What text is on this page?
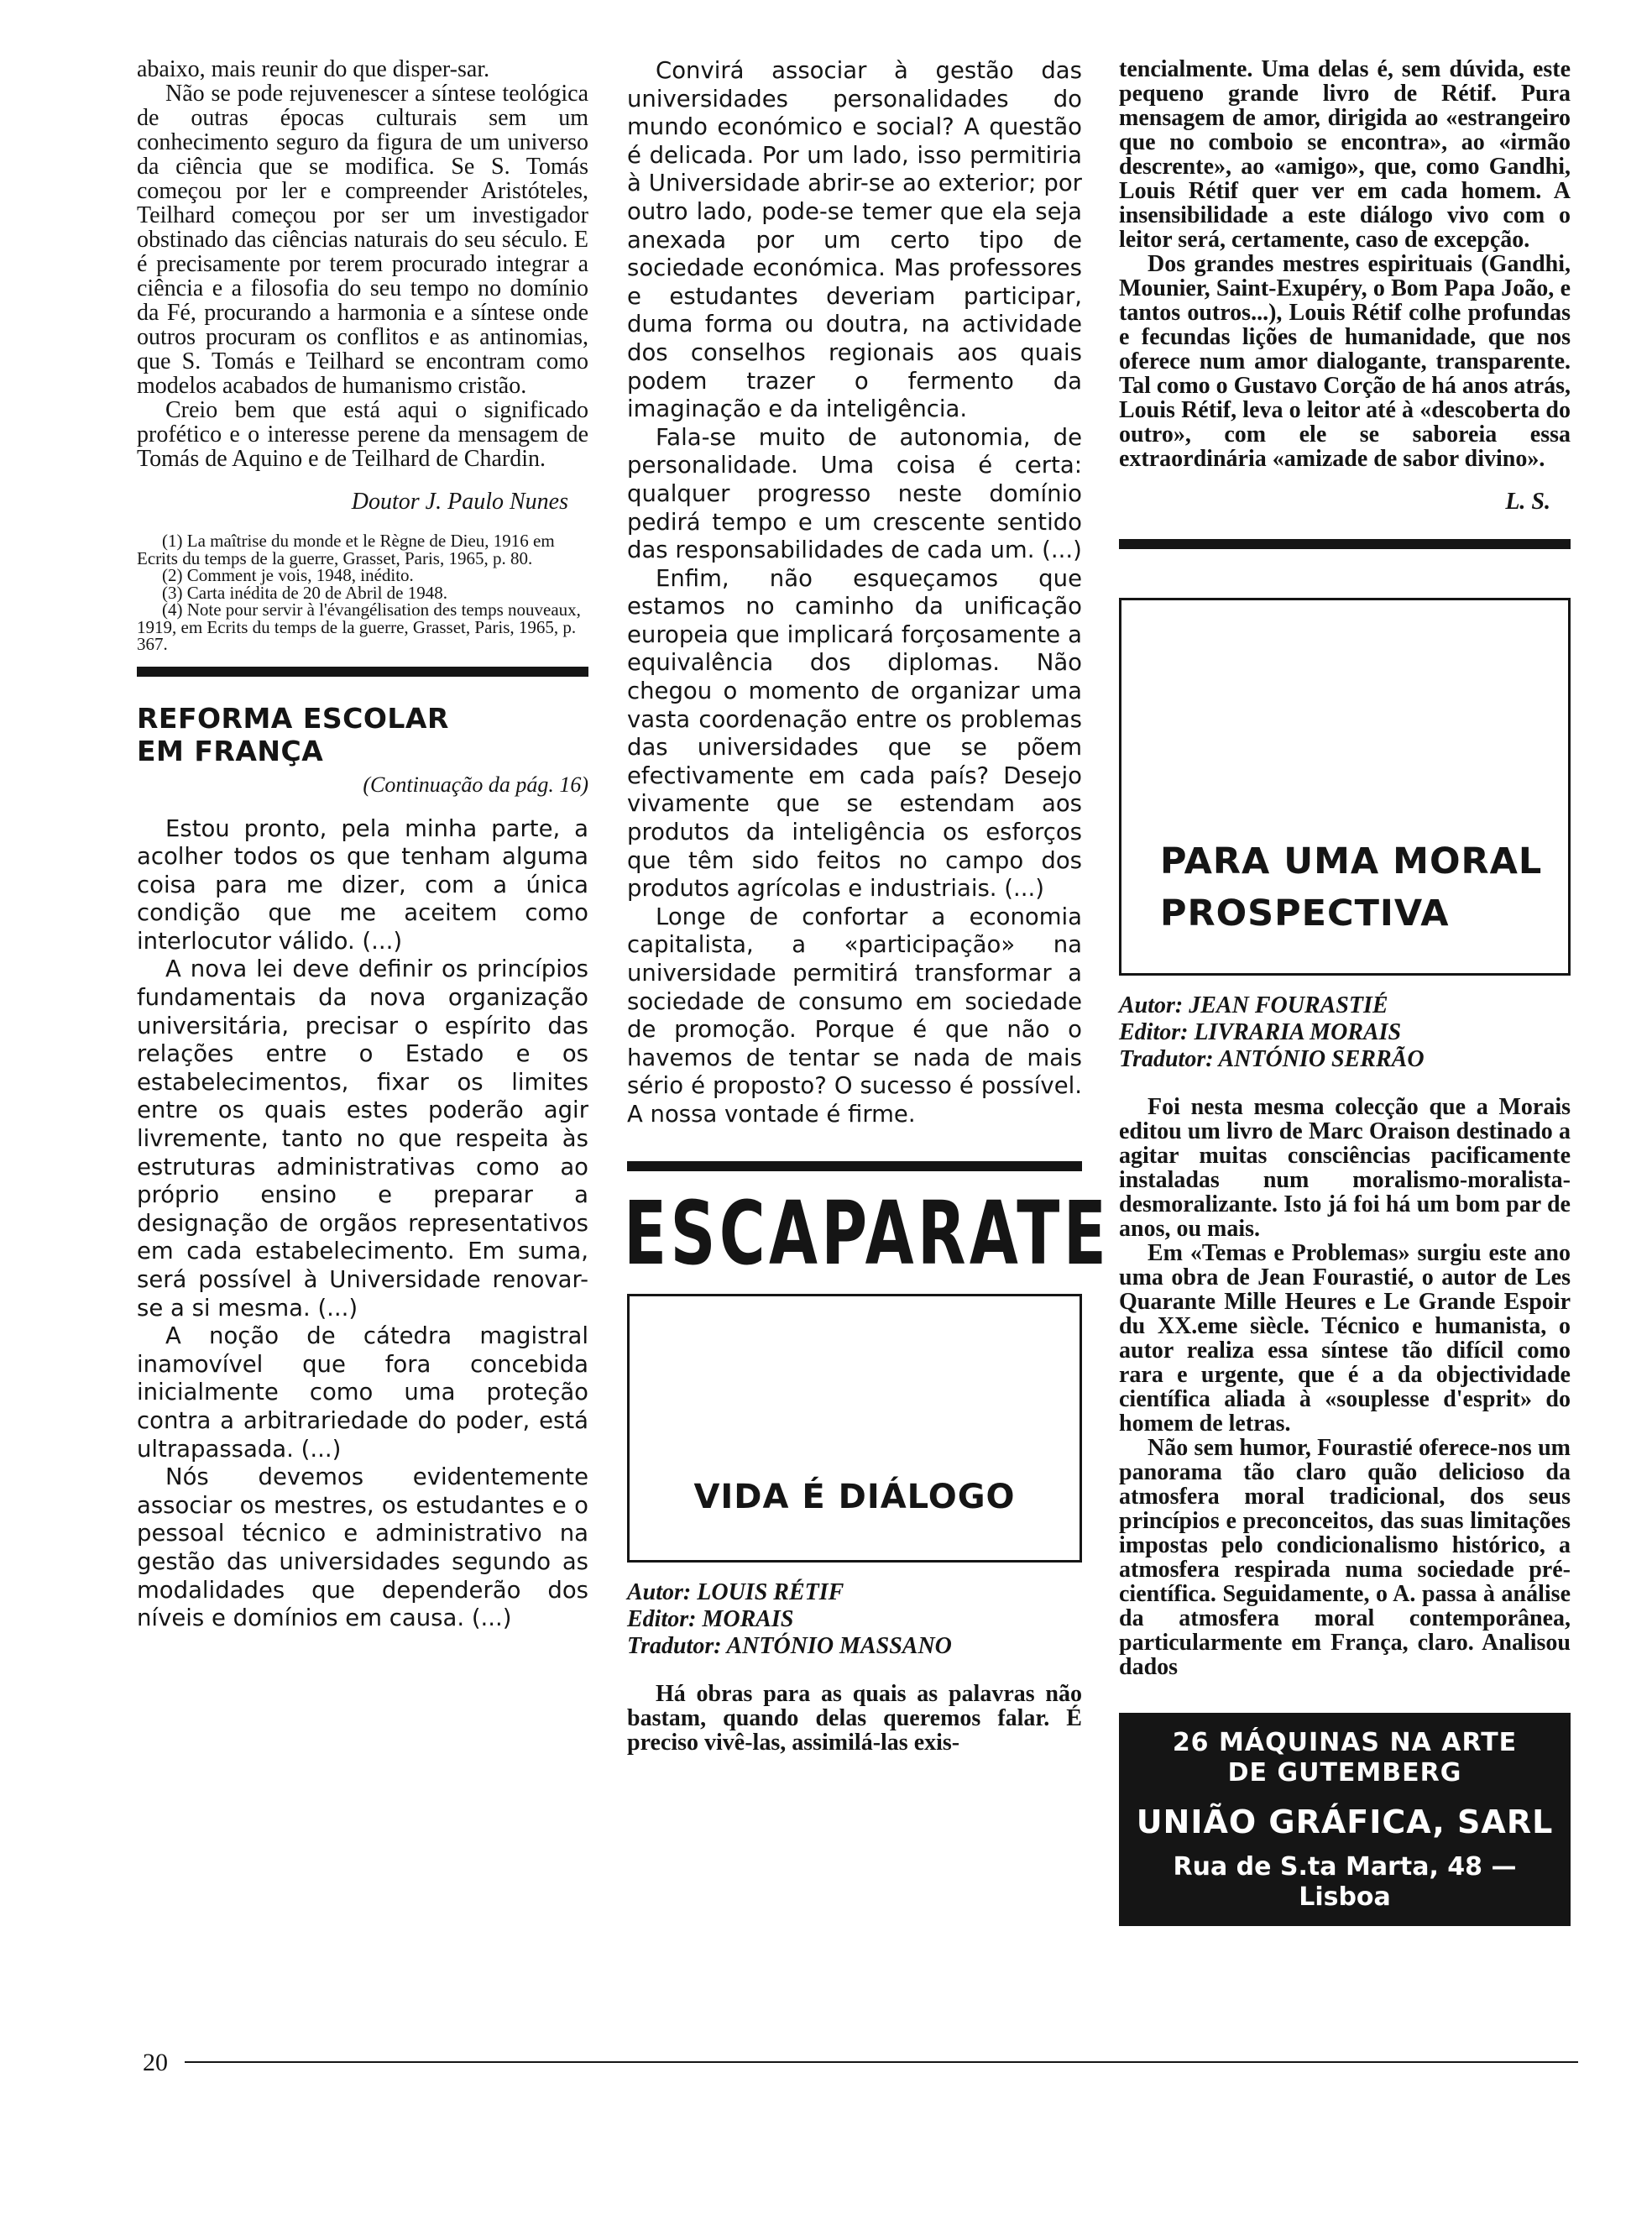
abaixo, mais reunir do que disper-sar.

Não se pode rejuvenescer a síntese teológica de outras épocas culturais sem um conhecimento seguro da figura de um universo da ciência que se modifica. Se S. Tomás começou por ler e compreender Aristóteles, Teilhard começou por ser um investigador obstinado das ciências naturais do seu século. E é precisamente por terem procurado integrar a ciência e a filosofia do seu tempo no domínio da Fé, procurando a harmonia e a síntese onde outros procuram os conflitos e as antinomias, que S. Tomás e Teilhard se encontram como modelos acabados de humanismo cristão.

Creio bem que está aqui o significado profético e o interesse perene da mensagem de Tomás de Aquino e de Teilhard de Chardin.

Doutor J. Paulo Nunes

(1) La maîtrise du monde et le Règne de Dieu, 1916 em Ecrits du temps de la guerre, Grasset, Paris, 1965, p. 80.

(2) Comment je vois, 1948, inédito.

(3) Carta inédita de 20 de Abril de 1948.

(4) Note pour servir à l'évangélisation des temps nouveaux, 1919, em Ecrits du temps de la guerre, Grasset, Paris, 1965, p. 367.

REFORMA ESCOLAR
EM FRANÇA
(Continuação da pág. 16)

Estou pronto, pela minha parte, a acolher todos os que tenham alguma coisa para me dizer, com a única condição que me aceitem como interlocutor válido. (...)

A nova lei deve definir os princípios fundamentais da nova organização universitária, precisar o espírito das relações entre o Estado e os estabelecimentos, fixar os limites entre os quais estes poderão agir livremente, tanto no que respeita às estruturas administrativas como ao próprio ensino e preparar a designação de orgãos representativos em cada estabelecimento. Em suma, será possível à Universidade renovar-se a si mesma. (...)

A noção de cátedra magistral inamovível que fora concebida inicialmente como uma proteção contra a arbitrariedade do poder, está ultrapassada. (...)

Nós devemos evidentemente associar os mestres, os estudantes e o pessoal técnico e administrativo na gestão das universidades segundo as modalidades que dependerão dos níveis e domínios em causa. (...)

Convirá associar à gestão das universidades personalidades do mundo económico e social? A questão é delicada. Por um lado, isso permitiria à Universidade abrir-se ao exterior; por outro lado, pode-se temer que ela seja anexada por um certo tipo de sociedade económica. Mas professores e estudantes deveriam participar, duma forma ou doutra, na actividade dos conselhos regionais aos quais podem trazer o fermento da imaginação e da inteligência.

Fala-se muito de autonomia, de personalidade. Uma coisa é certa: qualquer progresso neste domínio pedirá tempo e um crescente sentido das responsabilidades de cada um. (...)

Enfim, não esqueçamos que estamos no caminho da unificação europeia que implicará forçosamente a equivalência dos diplomas. Não chegou o momento de organizar uma vasta coordenação entre os problemas das universidades que se põem efectivamente em cada país? Desejo vivamente que se estendam aos produtos da inteligência os esforços que têm sido feitos no campo dos produtos agrícolas e industriais. (...)

Longe de confortar a economia capitalista, a «participação» na universidade permitirá transformar a sociedade de consumo em sociedade de promoção. Porque é que não o havemos de tentar se nada de mais sério é proposto? O sucesso é possível. A nossa vontade é firme.

ESCAPARATE
VIDA É DIÁLOGO
Autor: LOUIS RÉTIF
Editor: MORAIS
Tradutor: ANTÓNIO MASSANO

Há obras para as quais as palavras não bastam, quando delas queremos falar. É preciso vivê-las, assimilá-las exis-

tencialmente. Uma delas é, sem dúvida, este pequeno grande livro de Rétif. Pura mensagem de amor, dirigida ao «estrangeiro que no comboio se encontra», ao «irmão descrente», ao «amigo», que, como Gandhi, Louis Rétif quer ver em cada homem. A insensibilidade a este diálogo vivo com o leitor será, certamente, caso de excepção.

Dos grandes mestres espirituais (Gandhi, Mounier, Saint-Exupéry, o Bom Papa João, e tantos outros...), Louis Rétif colhe profundas e fecundas lições de humanidade, que nos oferece num amor dialogante, transparente. Tal como o Gustavo Corção de há anos atrás, Louis Rétif, leva o leitor até à «descoberta do outro», com ele se saboreia essa extraordinária «amizade de sabor divino».

L. S.
PARA UMA MORAL
PROSPECTIVA
Autor: JEAN FOURASTIÉ
Editor: LIVRARIA MORAIS
Tradutor: ANTÓNIO SERRÃO

Foi nesta mesma colecção que a Morais editou um livro de Marc Oraison destinado a agitar muitas consciências pacificamente instaladas num moralismo-moralista-desmoralizante. Isto já foi há um bom par de anos, ou mais.

Em «Temas e Problemas» surgiu este ano uma obra de Jean Fourastié, o autor de Les Quarante Mille Heures e Le Grande Espoir du XX.eme siècle. Técnico e humanista, o autor realiza essa síntese tão difícil como rara e urgente, que é a da objectividade científica aliada à «souplesse d'esprit» do homem de letras.

Não sem humor, Fourastié oferece-nos um panorama tão claro quão delicioso da atmosfera moral tradicional, dos seus princípios e preconceitos, das suas limitações impostas pelo condicionalismo histórico, a atmosfera respirada numa sociedade pré-científica. Seguidamente, o A. passa à análise da atmosfera moral contemporânea, particularmente em França, claro. Analisou dados

26 MÁQUINAS NA ARTE
DE GUTEMBERG
UNIÃO GRÁFICA, SARL
Rua de S.ta Marta, 48 — Lisboa
20
